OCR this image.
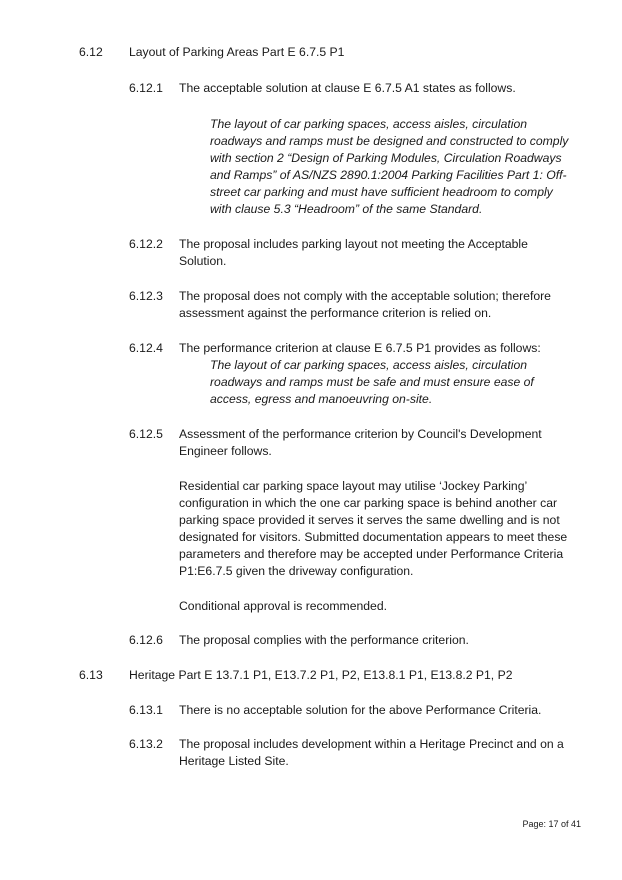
6.12 Layout of Parking Areas Part E 6.7.5 P1
6.12.1 The acceptable solution at clause E 6.7.5 A1 states as follows.
The layout of car parking spaces, access aisles, circulation
roadways and ramps must be designed and constructed to comply
with section 2 “Design of Parking Modules, Circulation Roadways
and Ramps” of AS/NZS 2890.1:2004 Parking Facilities Part 1: Off-
street car parking and must have sufficient headroom to comply
with clause 5.3 “Headroom” of the same Standard.
6.12.2 The proposal includes parking layout not meeting the Acceptable
Solution.
6.12.3 The proposal does not comply with the acceptable solution; therefore
assessment against the performance criterion is relied on.
6.12.4 The performance criterion at clause E 6.7.5 P1 provides as follows:
The layout of car parking spaces, access aisles, circulation
roadways and ramps must be safe and must ensure ease of
access, egress and manoeuvring on-site.
6.12.5 Assessment of the performance criterion by Council's Development
Engineer follows.
Residential car parking space layout may utilise ‘Jockey Parking’
configuration in which the one car parking space is behind another car
parking space provided it serves it serves the same dwelling and is not
designated for visitors. Submitted documentation appears to meet these
parameters and therefore may be accepted under Performance Criteria
P1:E6.7.5 given the driveway configuration.
Conditional approval is recommended.
6.12.6 The proposal complies with the performance criterion.
6.13 Heritage Part E 13.7.1 P1, E13.7.2 P1, P2, E13.8.1 P1, E13.8.2 P1, P2
6.13.1 There is no acceptable solution for the above Performance Criteria.
6.13.2 The proposal includes development within a Heritage Precinct and on a
Heritage Listed Site.
Page: 17 of 41
